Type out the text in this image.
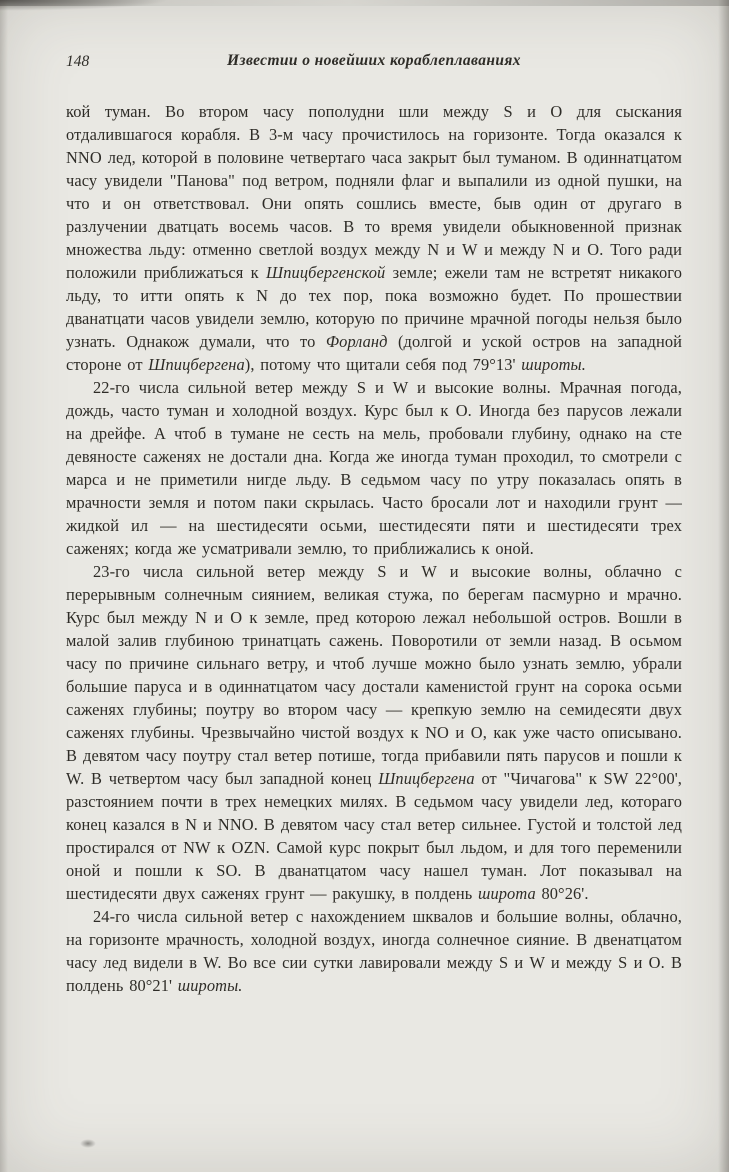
148	Известии о новейших кораблеплаваниях

кой туман. Во втором часу пополудни шли между S и O для сыскания отдалившагося корабля. В 3-м часу прочистилось на горизонте. Тогда оказался к NNO лед, которой в половине четвертаго часа закрыт был туманом. В одиннатцатом часу увидели "Панова" под ветром, подняли флаг и выпалили из одной пушки, на что и он ответствовал. Они опять сошлись вместе, быв один от другаго в разлучении дватцать восемь часов. В то время увидели обыкновенной признак множества льду: отменно светлой воздух между N и W и между N и O. Того ради положили приближаться к Шпицбергенской земле; ежели там не встретят никакого льду, то итти опять к N до тех пор, пока возможно будет. По прошествии дванатцати часов увидели землю, которую по причине мрачной погоды нельзя было узнать. Однакож думали, что то Форланд (долгой и уской остров на западной стороне от Шпицбергена), потому что щитали себя под 79°13' широты.

22-го числа сильной ветер между S и W и высокие волны. Мрачная погода, дождь, часто туман и холодной воздух. Курс был к O. Иногда без парусов лежали на дрейфе. А чтоб в тумане не сесть на мель, пробовали глубину, однако на сте девяносте саженях не достали дна. Когда же иногда туман проходил, то смотрели с марса и не приметили нигде льду. В седьмом часу по утру показалась опять в мрачности земля и потом паки скрылась. Часто бросали лот и находили грунт — жидкой ил — на шестидесяти осьми, шестидесяти пяти и шестидесяти трех саженях; когда же усматривали землю, то приближались к оной.

23-го числа сильной ветер между S и W и высокие волны, облачно с перерывным солнечным сиянием, великая стужа, по берегам пасмурно и мрачно. Курс был между N и O к земле, пред которою лежал небольшой остров. Вошли в малой залив глубиною тринатцать сажень. Поворотили от земли назад. В осьмом часу по причине сильнаго ветру, и чтоб лучше можно было узнать землю, убрали большие паруса и в одиннатцатом часу достали каменистой грунт на сорока осьми саженях глубины; поутру во втором часу — крепкую землю на семидесяти двух саженях глубины. Чрезвычайно чистой воздух к NO и O, как уже часто описывано. В девятом часу поутру стал ветер потише, тогда прибавили пять парусов и пошли к W. В четвертом часу был западной конец Шпицбергена от "Чичагова" к SW 22°00', разстоянием почти в трех немецких милях. В седьмом часу увидели лед, котораго конец казался в N и NNO. В девятом часу стал ветер сильнее. Густой и толстой лед простирался от NW к OZN. Самой курс покрыт был льдом, и для того переменили оной и пошли к SO. В дванатцатом часу нашел туман. Лот показывал на шестидесяти двух саженях грунт — ракушку, в полдень широта 80°26'.

24-го числа сильной ветер с нахождением шквалов и большие волны, облачно, на горизонте мрачность, холодной воздух, иногда солнечное сияние. В двенатцатом часу лед видели в W. Во все сии сутки лавировали между S и W и между S и O. В полдень 80°21' широты.
